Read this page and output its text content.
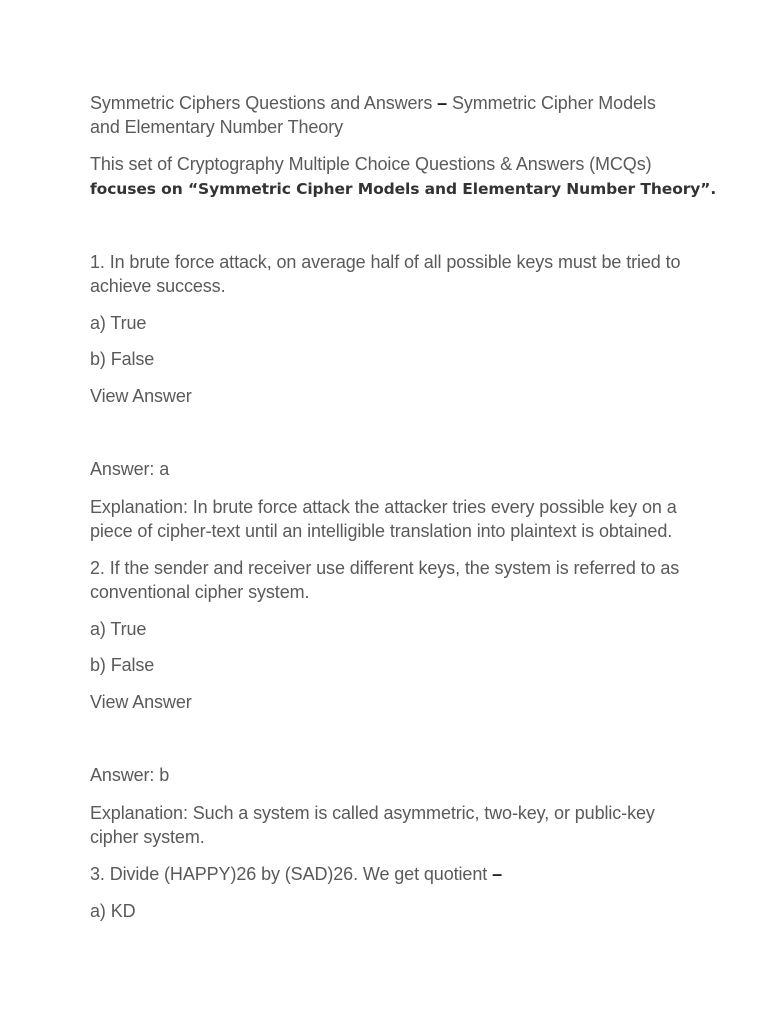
Symmetric Ciphers Questions and Answers – Symmetric Cipher Models
and Elementary Number Theory
This set of Cryptography Multiple Choice Questions & Answers (MCQs)
focuses on “Symmetric Cipher Models and Elementary Number Theory”.
1. In brute force attack, on average half of all possible keys must be tried to
achieve success.
a) True
b) False
View Answer
Answer: a
Explanation: In brute force attack the attacker tries every possible key on a
piece of cipher-text until an intelligible translation into plaintext is obtained.
2. If the sender and receiver use different keys, the system is referred to as
conventional cipher system.
a) True
b) False
View Answer
Answer: b
Explanation: Such a system is called asymmetric, two-key, or public-key
cipher system.
3. Divide (HAPPY)26 by (SAD)26. We get quotient –
a) KD
